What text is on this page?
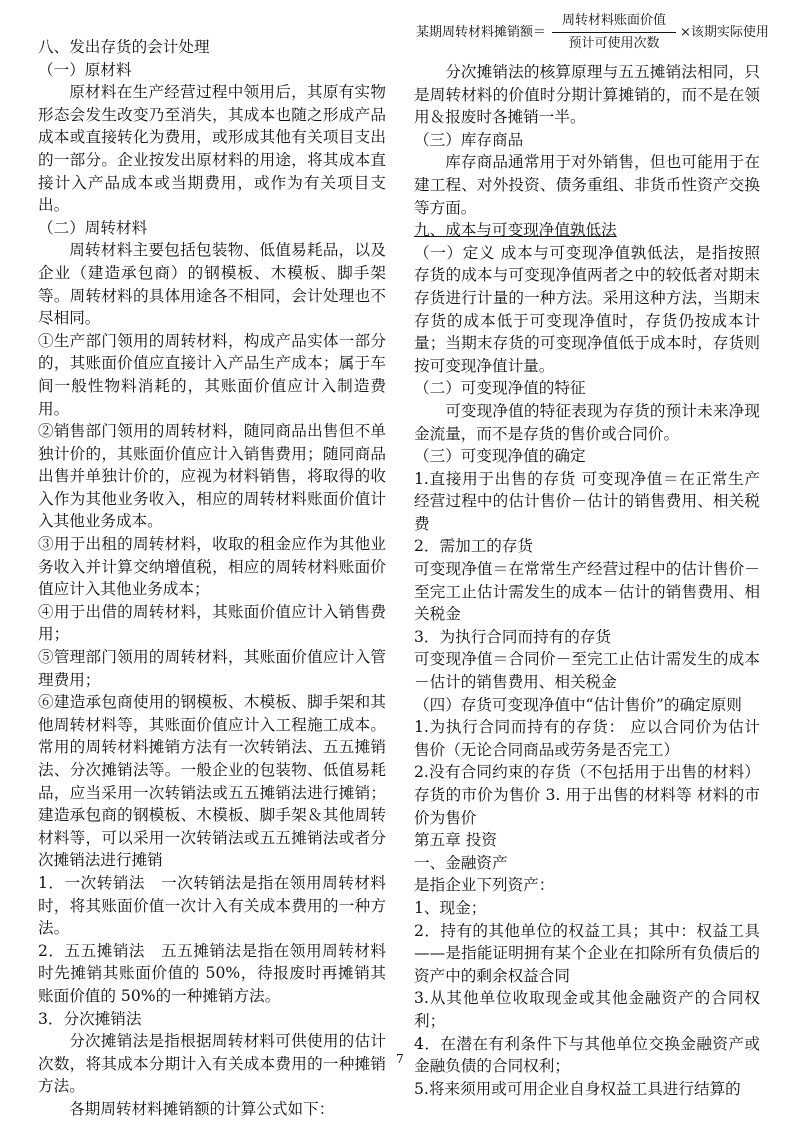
八、发出存货的会计处理

（一）原材料

原材料在生产经营过程中领用后，其原有实物形态会发生改变乃至消失，其成本也随之形成产品成本或直接转化为费用，或形成其他有关项目支出的一部分。企业按发出原材料的用途，将其成本直接计入产品成本或当期费用，或作为有关项目支出。

（二）周转材料

周转材料主要包括包装物、低值易耗品，以及企业（建造承包商）的钢模板、木模板、脚手架等。周转材料的具体用途各不相同，会计处理也不尽相同。

①生产部门领用的周转材料，构成产品实体一部分的，其账面价值应直接计入产品生产成本；属于车间一般性物料消耗的，其账面价值应计入制造费用。

②销售部门领用的周转材料，随同商品出售但不单独计价的，其账面价值应计入销售费用；随同商品出售并单独计价的，应视为材料销售，将取得的收入作为其他业务收入，相应的周转材料账面价值计入其他业务成本。

③用于出租的周转材料，收取的租金应作为其他业务收入并计算交纳增值税，相应的周转材料账面价值应计入其他业务成本；

④用于出借的周转材料，其账面价值应计入销售费用；

⑤管理部门领用的周转材料，其账面价值应计入管理费用；

⑥建造承包商使用的钢模板、木模板、脚手架和其他周转材料等，其账面价值应计入工程施工成本。常用的周转材料摊销方法有一次转销法、五五摊销法、分次摊销法等。一般企业的包装物、低值易耗品，应当采用一次转销法或五五摊销法进行摊销；建造承包商的钢模板、木模板、脚手架＆其他周转材料等，可以采用一次转销法或五五摊销法或者分次摊销法进行摊销

1．一次转销法　一次转销法是指在领用周转材料时，将其账面价值一次计入有关成本费用的一种方法。

2．五五摊销法　五五摊销法是指在领用周转材料时先摊销其账面价值的 50%，待报废时再摊销其账面价值的 50%的一种摊销方法。

3．分次摊销法

分次摊销法是指根据周转材料可供使用的估计次数，将其成本分期计入有关成本费用的一种摊销方法。

各期周转材料摊销额的计算公式如下：

某期周转材料摊销额＝ $\frac{\text{周转材料账面价值}}{\text{预计可使用次数}}$ ×该期实际使用

分次摊销法的核算原理与五五摊销法相同，只是周转材料的价值时分期计算摊销的，而不是在领用＆报废时各摊销一半。

（三）库存商品

库存商品通常用于对外销售，但也可能用于在建工程、对外投资、债务重组、非货币性资产交换等方面。

九、成本与可变现净值孰低法

（一）定义 成本与可变现净值孰低法，是指按照存货的成本与可变现净值两者之中的较低者对期末存货进行计量的一种方法。采用这种方法，当期末存货的成本低于可变现净值时，存货仍按成本计量；当期末存货的可变现净值低于成本时，存货则按可变现净值计量。

（二）可变现净值的特征

可变现净值的特征表现为存货的预计未来净现金流量，而不是存货的售价或合同价。

（三）可变现净值的确定

1.直接用于出售的存货 可变现净值＝在正常生产经营过程中的估计售价－估计的销售费用、相关税费

2．需加工的存货

可变现净值＝在常常生产经营过程中的估计售价－至完工止估计需发生的成本－估计的销售费用、相关税金

3．为执行合同而持有的存货

可变现净值＝合同价－至完工止估计需发生的成本－估计的销售费用、相关税金

（四）存货可变现净值中“估计售价”的确定原则

1.为执行合同而持有的存货： 应以合同价为估计售价（无论合同商品或劳务是否完工）

2.没有合同约束的存货（不包括用于出售的材料）存货的市价为售价 3. 用于出售的材料等 材料的市价为售价

第五章 投资

一、金融资产

是指企业下列资产：

1、现金；

2．持有的其他单位的权益工具；其中：权益工具——是指能证明拥有某个企业在扣除所有负债后的资产中的剩余权益合同

3.从其他单位收取现金或其他金融资产的合同权利；

4．在潜在有利条件下与其他单位交换金融资产或金融负债的合同权利；

5.将来须用或可用企业自身权益工具进行结算的

7
